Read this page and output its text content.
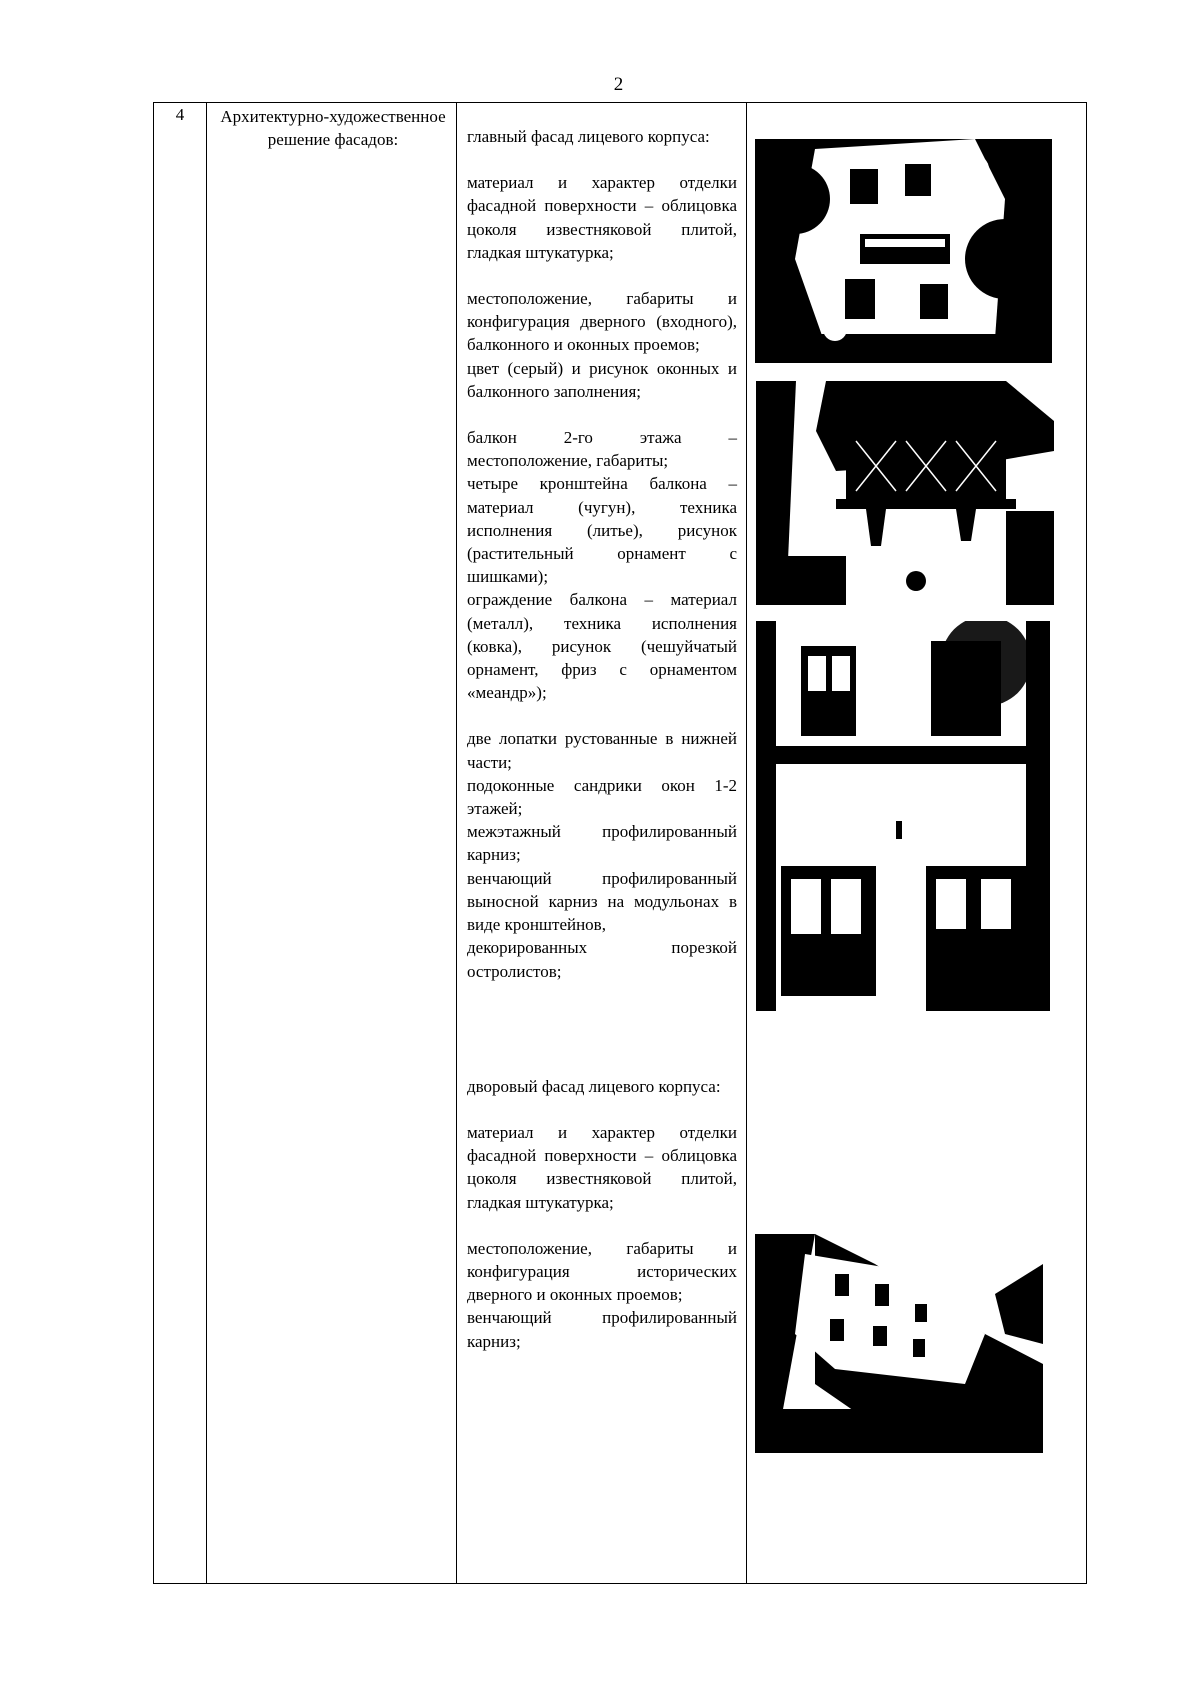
2
4	Архитектурно-художественное решение фасадов:	главный фасад лицевого корпуса:

материал и характер отделки фасадной поверхности – облицовка цоколя известняковой плитой, гладкая штукатурка;

местоположение, габариты и конфигурация дверного (входного), балконного и оконных проемов;

цвет (серый) и рисунок оконных и балконного заполнения;

балкон 2-го этажа – местоположение, габариты;

четыре кронштейна балкона – материал (чугун), техника исполнения (литье), рисунок (растительный орнамент с шишками);

ограждение балкона – материал (металл), техника исполнения (ковка), рисунок (чешуйчатый орнамент, фриз с орнаментом «меандр»);

две лопатки рустованные в нижней части;

подоконные сандрики окон 1-2 этажей;

межэтажный профилированный карниз;

венчающий профилированный выносной карниз на модульонах в виде кронштейнов,

декорированных порезкой остролистов;

дворовый фасад лицевого корпуса:

материал и характер отделки фасадной поверхности – облицовка цоколя известняковой плитой, гладкая штукатурка;

местоположение, габариты и конфигурация исторических дверного и оконных проемов;

венчающий профилированный карниз;
